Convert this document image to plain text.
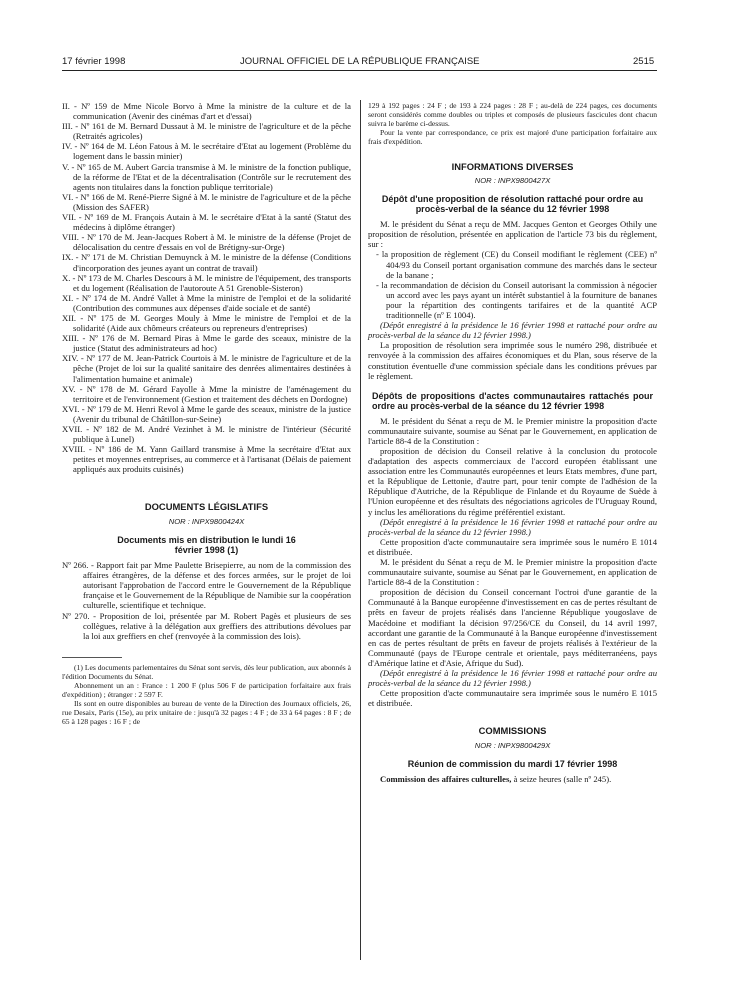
17 février 1998	JOURNAL OFFICIEL DE LA RÉPUBLIQUE FRANÇAISE	2515

II. - Nº 159 de Mme Nicole Borvo à Mme la ministre de la culture et de la communication (Avenir des cinémas d'art et d'essai)

III. - Nº 161 de M. Bernard Dussaut à M. le ministre de l'agriculture et de la pêche (Retraités agricoles)

IV. - Nº 164 de M. Léon Fatous à M. le secrétaire d'Etat au logement (Problème du logement dans le bassin minier)

V. - Nº 165 de M. Aubert Garcia transmise à M. le ministre de la fonction publique, de la réforme de l'Etat et de la décentralisation (Contrôle sur le recrutement des agents non titulaires dans la fonction publique territoriale)

VI. - Nº 166 de M. René-Pierre Signé à M. le ministre de l'agriculture et de la pêche (Mission des SAFER)

VII. - Nº 169 de M. François Autain à M. le secrétaire d'Etat à la santé (Statut des médecins à diplôme étranger)

VIII. - Nº 170 de M. Jean-Jacques Robert à M. le ministre de la défense (Projet de délocalisation du centre d'essais en vol de Brétigny-sur-Orge)

IX. - Nº 171 de M. Christian Demuynck à M. le ministre de la défense (Conditions d'incorporation des jeunes ayant un contrat de travail)

X. - Nº 173 de M. Charles Descours à M. le ministre de l'équipement, des transports et du logement (Réalisation de l'autoroute A 51 Grenoble-Sisteron)

XI. - Nº 174 de M. André Vallet à Mme la ministre de l'emploi et de la solidarité (Contribution des communes aux dépenses d'aide sociale et de santé)

XII. - Nº 175 de M. Georges Mouly à Mme le ministre de l'emploi et de la solidarité (Aide aux chômeurs créateurs ou repreneurs d'entreprises)

XIII. - Nº 176 de M. Bernard Piras à Mme le garde des sceaux, ministre de la justice (Statut des administrateurs ad hoc)

XIV. - Nº 177 de M. Jean-Patrick Courtois à M. le ministre de l'agriculture et de la pêche (Projet de loi sur la qualité sanitaire des denrées alimentaires destinées à l'alimentation humaine et animale)

XV. - Nº 178 de M. Gérard Fayolle à Mme la ministre de l'aménagement du territoire et de l'environnement (Gestion et traitement des déchets en Dordogne)

XVI. - Nº 179 de M. Henri Revol à Mme le garde des sceaux, ministre de la justice (Avenir du tribunal de Châtillon-sur-Seine)

XVII. - Nº 182 de M. André Vezinhet à M. le ministre de l'intérieur (Sécurité publique à Lunel)

XVIII. - Nº 186 de M. Yann Gaillard transmise à Mme la secrétaire d'Etat aux petites et moyennes entreprises, au commerce et à l'artisanat (Délais de paiement appliqués aux produits cuisinés)

DOCUMENTS LÉGISLATIFS
NOR : INPX9800424X
Documents mis en distribution le lundi 16 février 1998 (1)

Nº 266. - Rapport fait par Mme Paulette Brisepierre, au nom de la commission des affaires étrangères, de la défense et des forces armées, sur le projet de loi autorisant l'approbation de l'accord entre le Gouvernement de la République française et le Gouvernement de la République de Namibie sur la coopération culturelle, scientifique et technique.

Nº 270. - Proposition de loi, présentée par M. Robert Pagès et plusieurs de ses collègues, relative à la délégation aux greffiers des attributions dévolues par la loi aux greffiers en chef (renvoyée à la commission des lois).

(1) Les documents parlementaires du Sénat sont servis, dès leur publication, aux abonnés à l'édition Documents du Sénat.

Abonnement un an : France : 1 200 F (plus 506 F de participation forfaitaire aux frais d'expédition) ; étranger : 2 597 F.

Ils sont en outre disponibles au bureau de vente de la Direction des Journaux officiels, 26, rue Desaix, Paris (15e), au prix unitaire de : jusqu'à 32 pages : 4 F ; de 33 à 64 pages : 8 F ; de 65 à 128 pages : 16 F ; de

129 à 192 pages : 24 F ; de 193 à 224 pages : 28 F ; au-delà de 224 pages, ces documents seront considérés comme doubles ou triples et composés de plusieurs fascicules dont chacun suivra le barème ci-dessus.

Pour la vente par correspondance, ce prix est majoré d'une participation forfaitaire aux frais d'expédition.

INFORMATIONS DIVERSES
NOR : INPX9800427X
Dépôt d'une proposition de résolution rattaché pour ordre au procès-verbal de la séance du 12 février 1998

M. le président du Sénat a reçu de MM. Jacques Genton et Georges Othily une proposition de résolution, présentée en application de l'article 73 bis du règlement, sur :

- la proposition de règlement (CE) du Conseil modifiant le règlement (CEE) nº 404/93 du Conseil portant organisation commune des marchés dans le secteur de la banane ;

- la recommandation de décision du Conseil autorisant la commission à négocier un accord avec les pays ayant un intérêt substantiel à la fourniture de bananes pour la répartition des contingents tarifaires et de la quantité ACP traditionnelle (nº E 1004).

(Dépôt enregistré à la présidence le 16 février 1998 et rattaché pour ordre au procès-verbal de la séance du 12 février 1998.)

La proposition de résolution sera imprimée sous le numéro 298, distribuée et renvoyée à la commission des affaires économiques et du Plan, sous réserve de la constitution éventuelle d'une commission spéciale dans les conditions prévues par le règlement.

Dépôts de propositions d'actes communautaires rattachés pour ordre au procès-verbal de la séance du 12 février 1998

M. le président du Sénat a reçu de M. le Premier ministre la proposition d'acte communautaire suivante, soumise au Sénat par le Gouvernement, en application de l'article 88-4 de la Constitution :

proposition de décision du Conseil relative à la conclusion du protocole d'adaptation des aspects commerciaux de l'accord européen établissant une association entre les Communautés européennes et leurs Etats membres, d'une part, et la République de Lettonie, d'autre part, pour tenir compte de l'adhésion de la République d'Autriche, de la République de Finlande et du Royaume de Suède à l'Union européenne et des résultats des négociations agricoles de l'Uruguay Round, y inclus les améliorations du régime préférentiel existant.

(Dépôt enregistré à la présidence le 16 février 1998 et rattaché pour ordre au procès-verbal de la séance du 12 février 1998.)

Cette proposition d'acte communautaire sera imprimée sous le numéro E 1014 et distribuée.

M. le président du Sénat a reçu de M. le Premier ministre la proposition d'acte communautaire suivante, soumise au Sénat par le Gouvernement, en application de l'article 88-4 de la Constitution :

proposition de décision du Conseil concernant l'octroi d'une garantie de la Communauté à la Banque européenne d'investissement en cas de pertes résultant de prêts en faveur de projets réalisés dans l'ancienne République yougoslave de Macédoine et modifiant la décision 97/256/CE du Conseil, du 14 avril 1997, accordant une garantie de la Communauté à la Banque européenne d'investissement en cas de pertes résultant de prêts en faveur de projets réalisés à l'extérieur de la Communauté (pays de l'Europe centrale et orientale, pays méditerranéens, pays d'Amérique latine et d'Asie, Afrique du Sud).

(Dépôt enregistré à la présidence le 16 février 1998 et rattaché pour ordre au procès-verbal de la séance du 12 février 1998.)

Cette proposition d'acte communautaire sera imprimée sous le numéro E 1015 et distribuée.

COMMISSIONS
NOR : INPX9800429X
Réunion de commission du mardi 17 février 1998

Commission des affaires culturelles, à seize heures (salle nº 245).
